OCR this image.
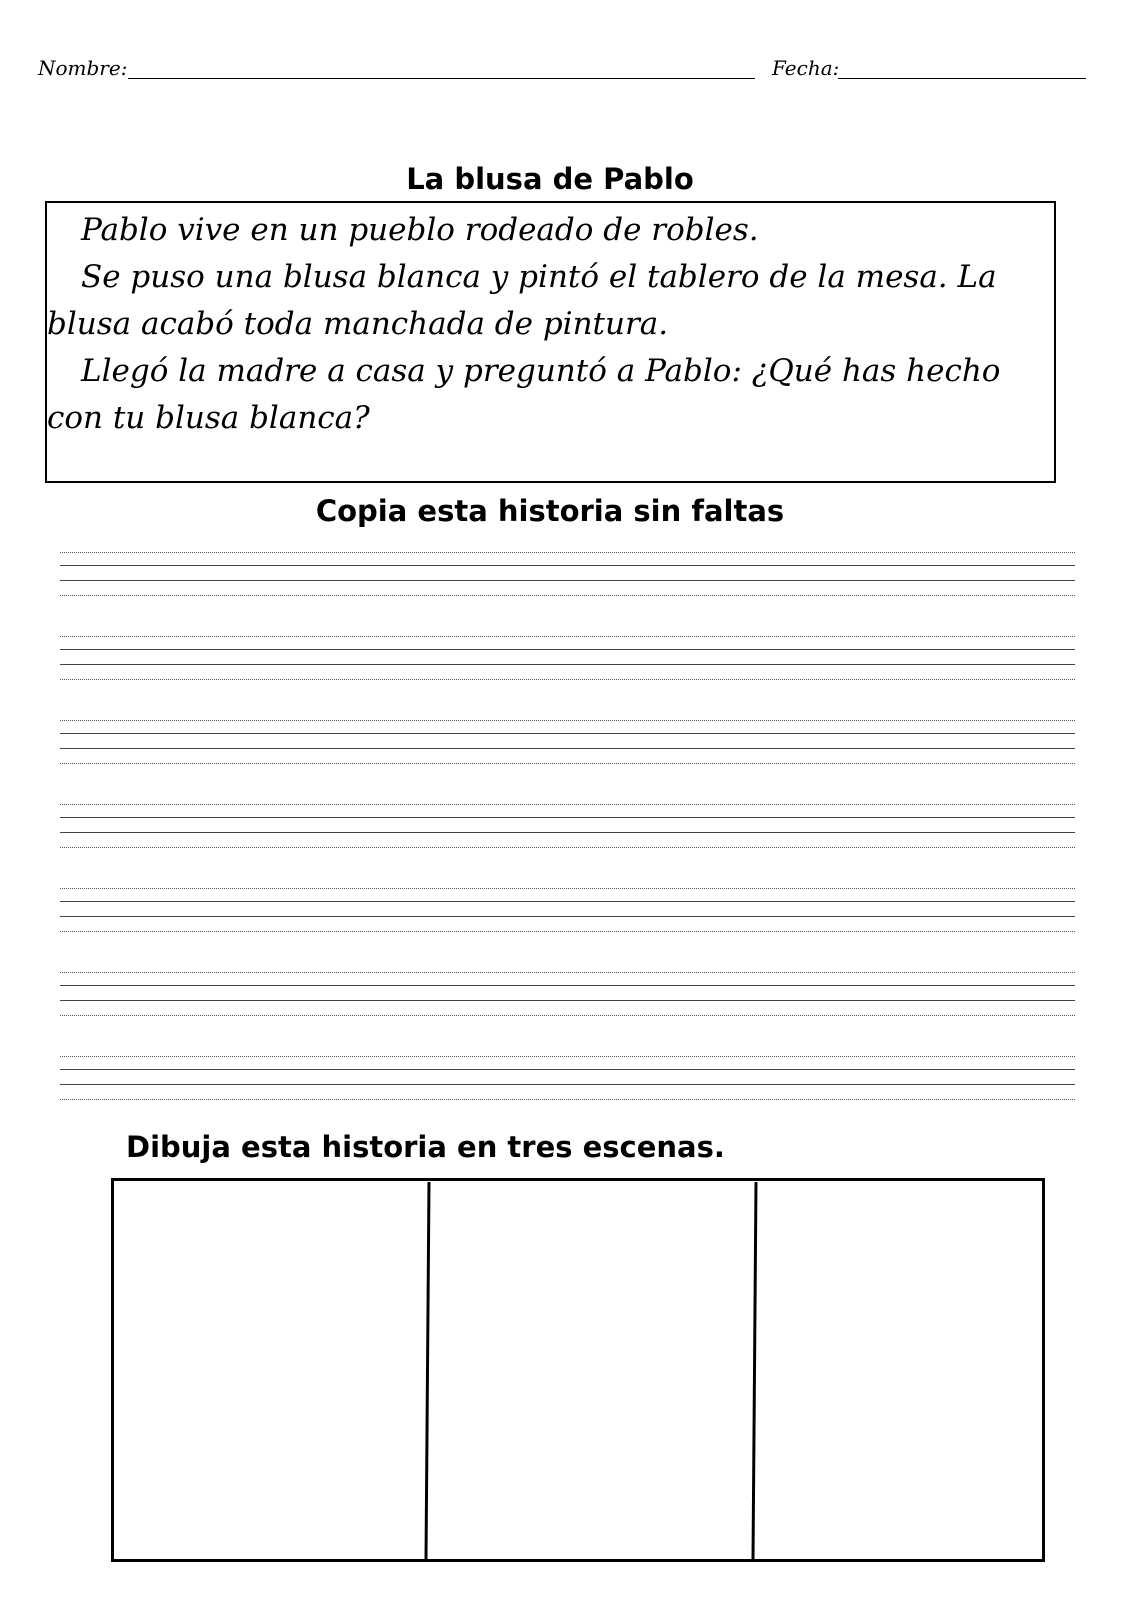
Nombre:	Fecha:
La blusa de Pablo

Pablo vive en un pueblo rodeado de robles.

Se puso una blusa blanca y pintó el tablero de la mesa. La blusa acabó toda manchada de pintura.

Llegó la madre a casa y preguntó a Pablo: ¿Qué has hecho con tu blusa blanca?

Copia esta historia sin faltas
Dibuja esta historia en tres escenas.
